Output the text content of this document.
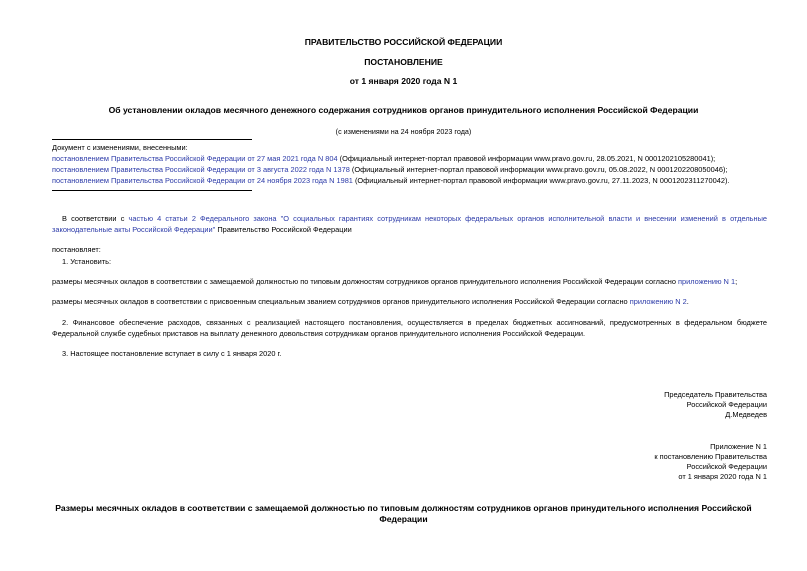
ПРАВИТЕЛЬСТВО РОССИЙСКОЙ ФЕДЕРАЦИИ
ПОСТАНОВЛЕНИЕ
от 1 января 2020 года N 1
Об установлении окладов месячного денежного содержания сотрудников органов принудительного исполнения Российской Федерации
(с изменениями на 24 ноября 2023 года)
Документ с изменениями, внесенными:
постановлением Правительства Российской Федерации от 27 мая 2021 года N 804 (Официальный интернет-портал правовой информации www.pravo.gov.ru, 28.05.2021, N 0001202105280041);
постановлением Правительства Российской Федерации от 3 августа 2022 года N 1378 (Официальный интернет-портал правовой информации www.pravo.gov.ru, 05.08.2022, N 0001202208050046);
постановлением Правительства Российской Федерации от 24 ноября 2023 года N 1981 (Официальный интернет-портал правовой информации www.pravo.gov.ru, 27.11.2023, N 0001202311270042).
В соответствии с частью 4 статьи 2 Федерального закона "О социальных гарантиях сотрудникам некоторых федеральных органов исполнительной власти и внесении изменений в отдельные законодательные акты Российской Федерации" Правительство Российской Федерации
постановляет:
1. Установить:
размеры месячных окладов в соответствии с замещаемой должностью по типовым должностям сотрудников органов принудительного исполнения Российской Федерации согласно приложению N 1;
размеры месячных окладов в соответствии с присвоенным специальным званием сотрудников органов принудительного исполнения Российской Федерации согласно приложению N 2.
2. Финансовое обеспечение расходов, связанных с реализацией настоящего постановления, осуществляется в пределах бюджетных ассигнований, предусмотренных в федеральном бюджете Федеральной службе судебных приставов на выплату денежного довольствия сотрудникам органов принудительного исполнения Российской Федерации.
3. Настоящее постановление вступает в силу с 1 января 2020 г.
Председатель Правительства
Российской Федерации
Д.Медведев
Приложение N 1
к постановлению Правительства
Российской Федерации
от 1 января 2020 года N 1
Размеры месячных окладов в соответствии с замещаемой должностью по типовым должностям сотрудников органов принудительного исполнения Российской Федерации
